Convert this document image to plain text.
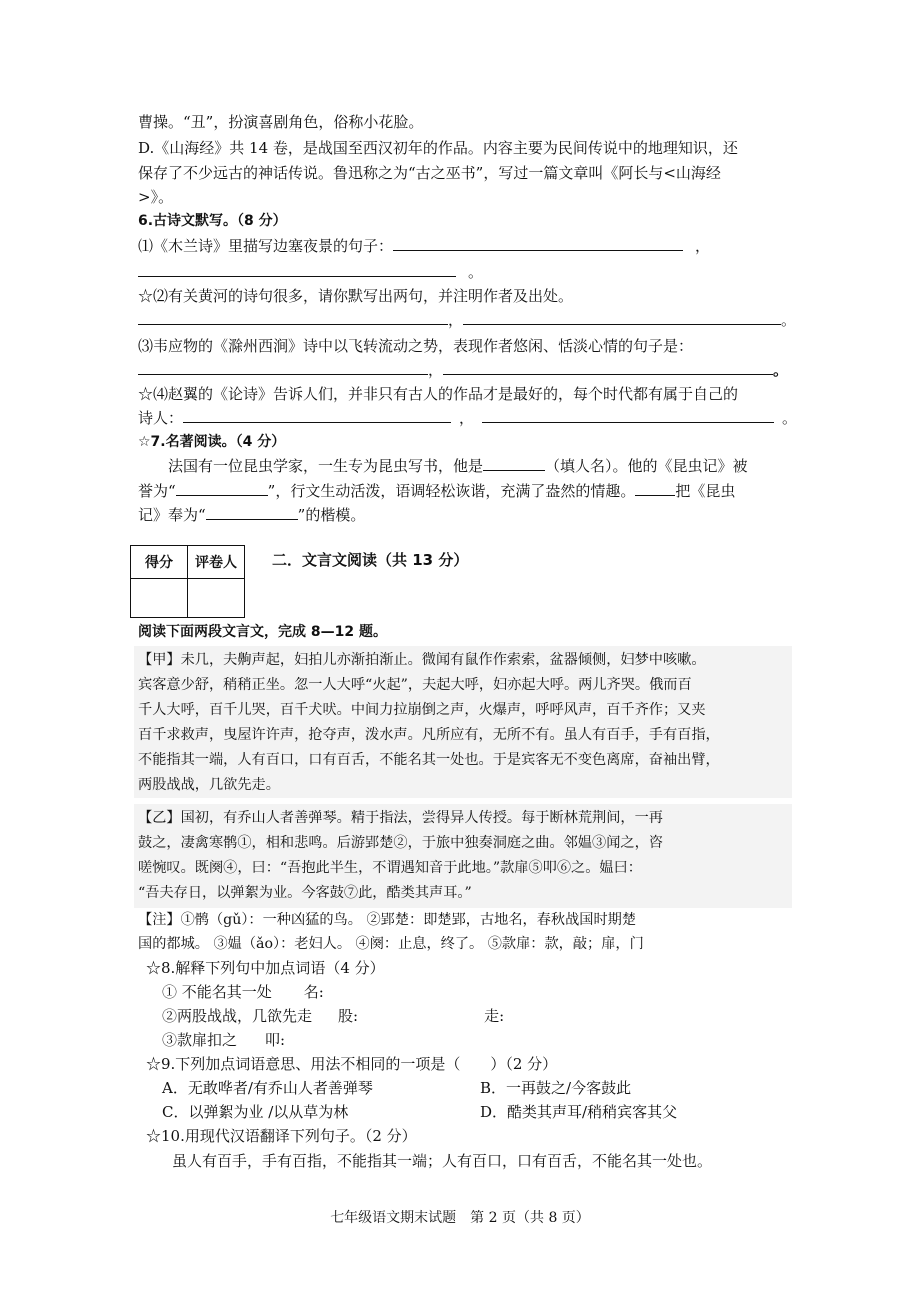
曹操。“丑”，扮演喜剧角色，俗称小花脸。
D.《山海经》共 14 卷，是战国至西汉初年的作品。内容主要为民间传说中的地理知识，还
保存了不少远古的神话传说。鲁迅称之为“古之巫书”，写过一篇文章叫《阿长与<山海经
>》。
6.古诗文默写。（8 分）
⑴《木兰诗》里描写边塞夜景的句子：	，
。
☆⑵有关黄河的诗句很多，请你默写出两句，并注明作者及出处。
，	。
⑶韦应物的《滁州西涧》诗中以飞转流动之势，表现作者悠闲、恬淡心情的句子是：
，	。
☆⑷赵翼的《论诗》告诉人们，并非只有古人的作品才是最好的，每个时代都有属于自己的
诗人：	，	。
☆7.名著阅读。（4 分）
法国有一位昆虫学家，一生专为昆虫写书，他是	（填人名）。他的《昆虫记》被
誉为“	”，行文生动活泼，语调轻松诙谐，充满了盎然的情趣。	把《昆虫
记》奉为“	”的楷模。
得分	评卷人
	二．文言文阅读（共 13 分）
阅读下面两段文言文，完成 8—12 题。
【甲】未几，夫齁声起，妇拍儿亦渐拍渐止。微闻有鼠作作索索，盆器倾侧，妇梦中咳嗽。
宾客意少舒，稍稍正坐。忽一人大呼“火起”，夫起大呼，妇亦起大呼。两儿齐哭。俄而百
千人大呼，百千儿哭，百千犬吠。中间力拉崩倒之声，火爆声，呼呼风声，百千齐作；又夹
百千求救声，曳屋许许声，抢夺声，泼水声。凡所应有，无所不有。虽人有百手，手有百指，
不能指其一端，人有百口，口有百舌，不能名其一处也。于是宾客无不变色离席，奋袖出臂，
两股战战，几欲先走。
【乙】国初，有乔山人者善弹琴。精于指法，尝得异人传授。每于断林荒荆间，一再
鼓之，凄禽寒鹘①，相和悲鸣。后游郢楚②，于旅中独奏洞庭之曲。邻媪③闻之，咨
嗟惋叹。既阕④，曰：“吾抱此半生，不谓遇知音于此地。”款扉⑤叩⑥之。媪曰：
“吾夫存日，以弹絮为业。今客鼓⑦此，酷类其声耳。”
【注】①鹘（gǔ）：一种凶猛的鸟。 ②郢楚：即楚郢，古地名，春秋战国时期楚
国的都城。 ③媪（ǎo）：老妇人。 ④阕：止息，终了。 ⑤款扉：款，敲；扉，门
☆8.解释下列句中加点词语（4 分）
① 不能名其一处 名:
②两股战战，几欲先走 股:	走:
③款扉扣之 叩:
☆9.下列加点词语意思、用法不相同的一项是（　　）（2 分）
A．无敢哗者/有乔山人者善弹琴	B．一再鼓之/今客鼓此
C．以弹絮为业 /以从草为林	D．酷类其声耳/稍稍宾客其父
☆10.用现代汉语翻译下列句子。（2 分）
虽人有百手，手有百指，不能指其一端；人有百口，口有百舌，不能名其一处也。
七年级语文期末试题　第 2 页（共 8 页）
